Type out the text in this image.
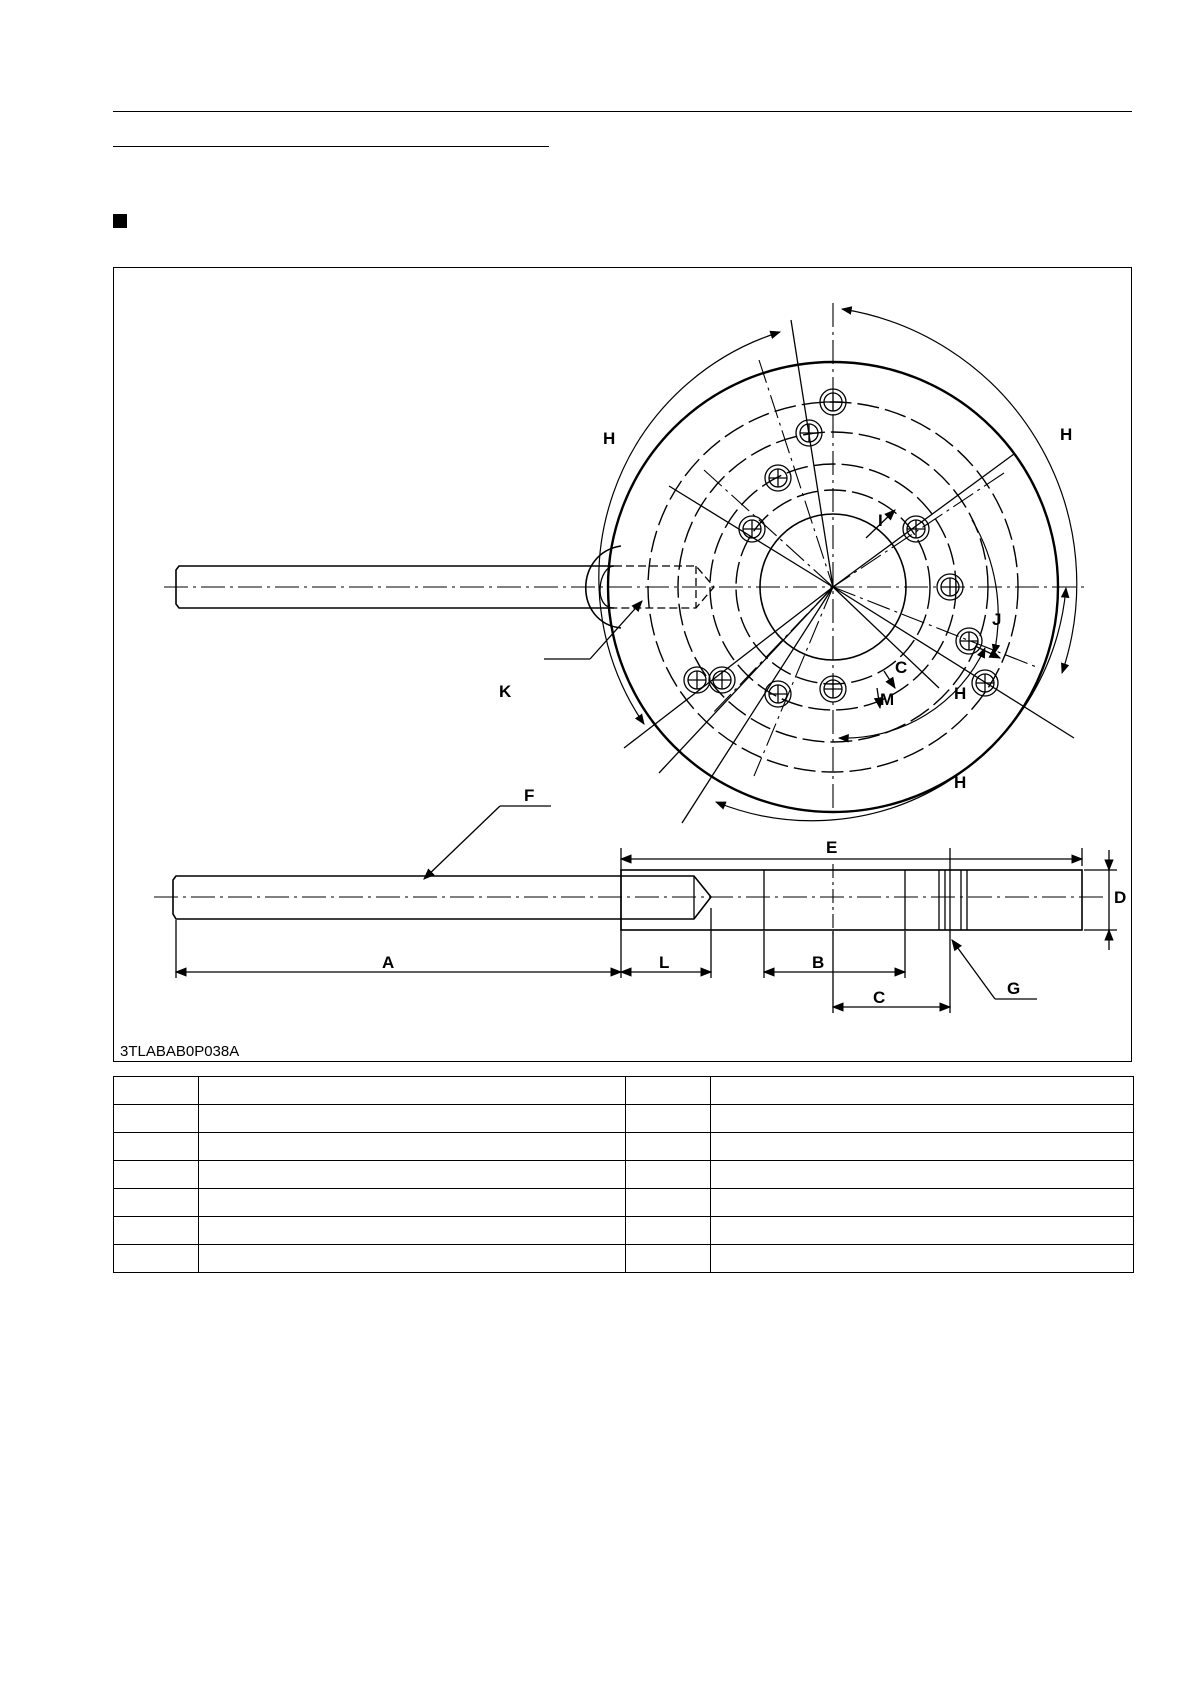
H	H
I
J
C
M	H
H
K
F
E
D
A	L	B
C	G
3TLABAB0P038A
